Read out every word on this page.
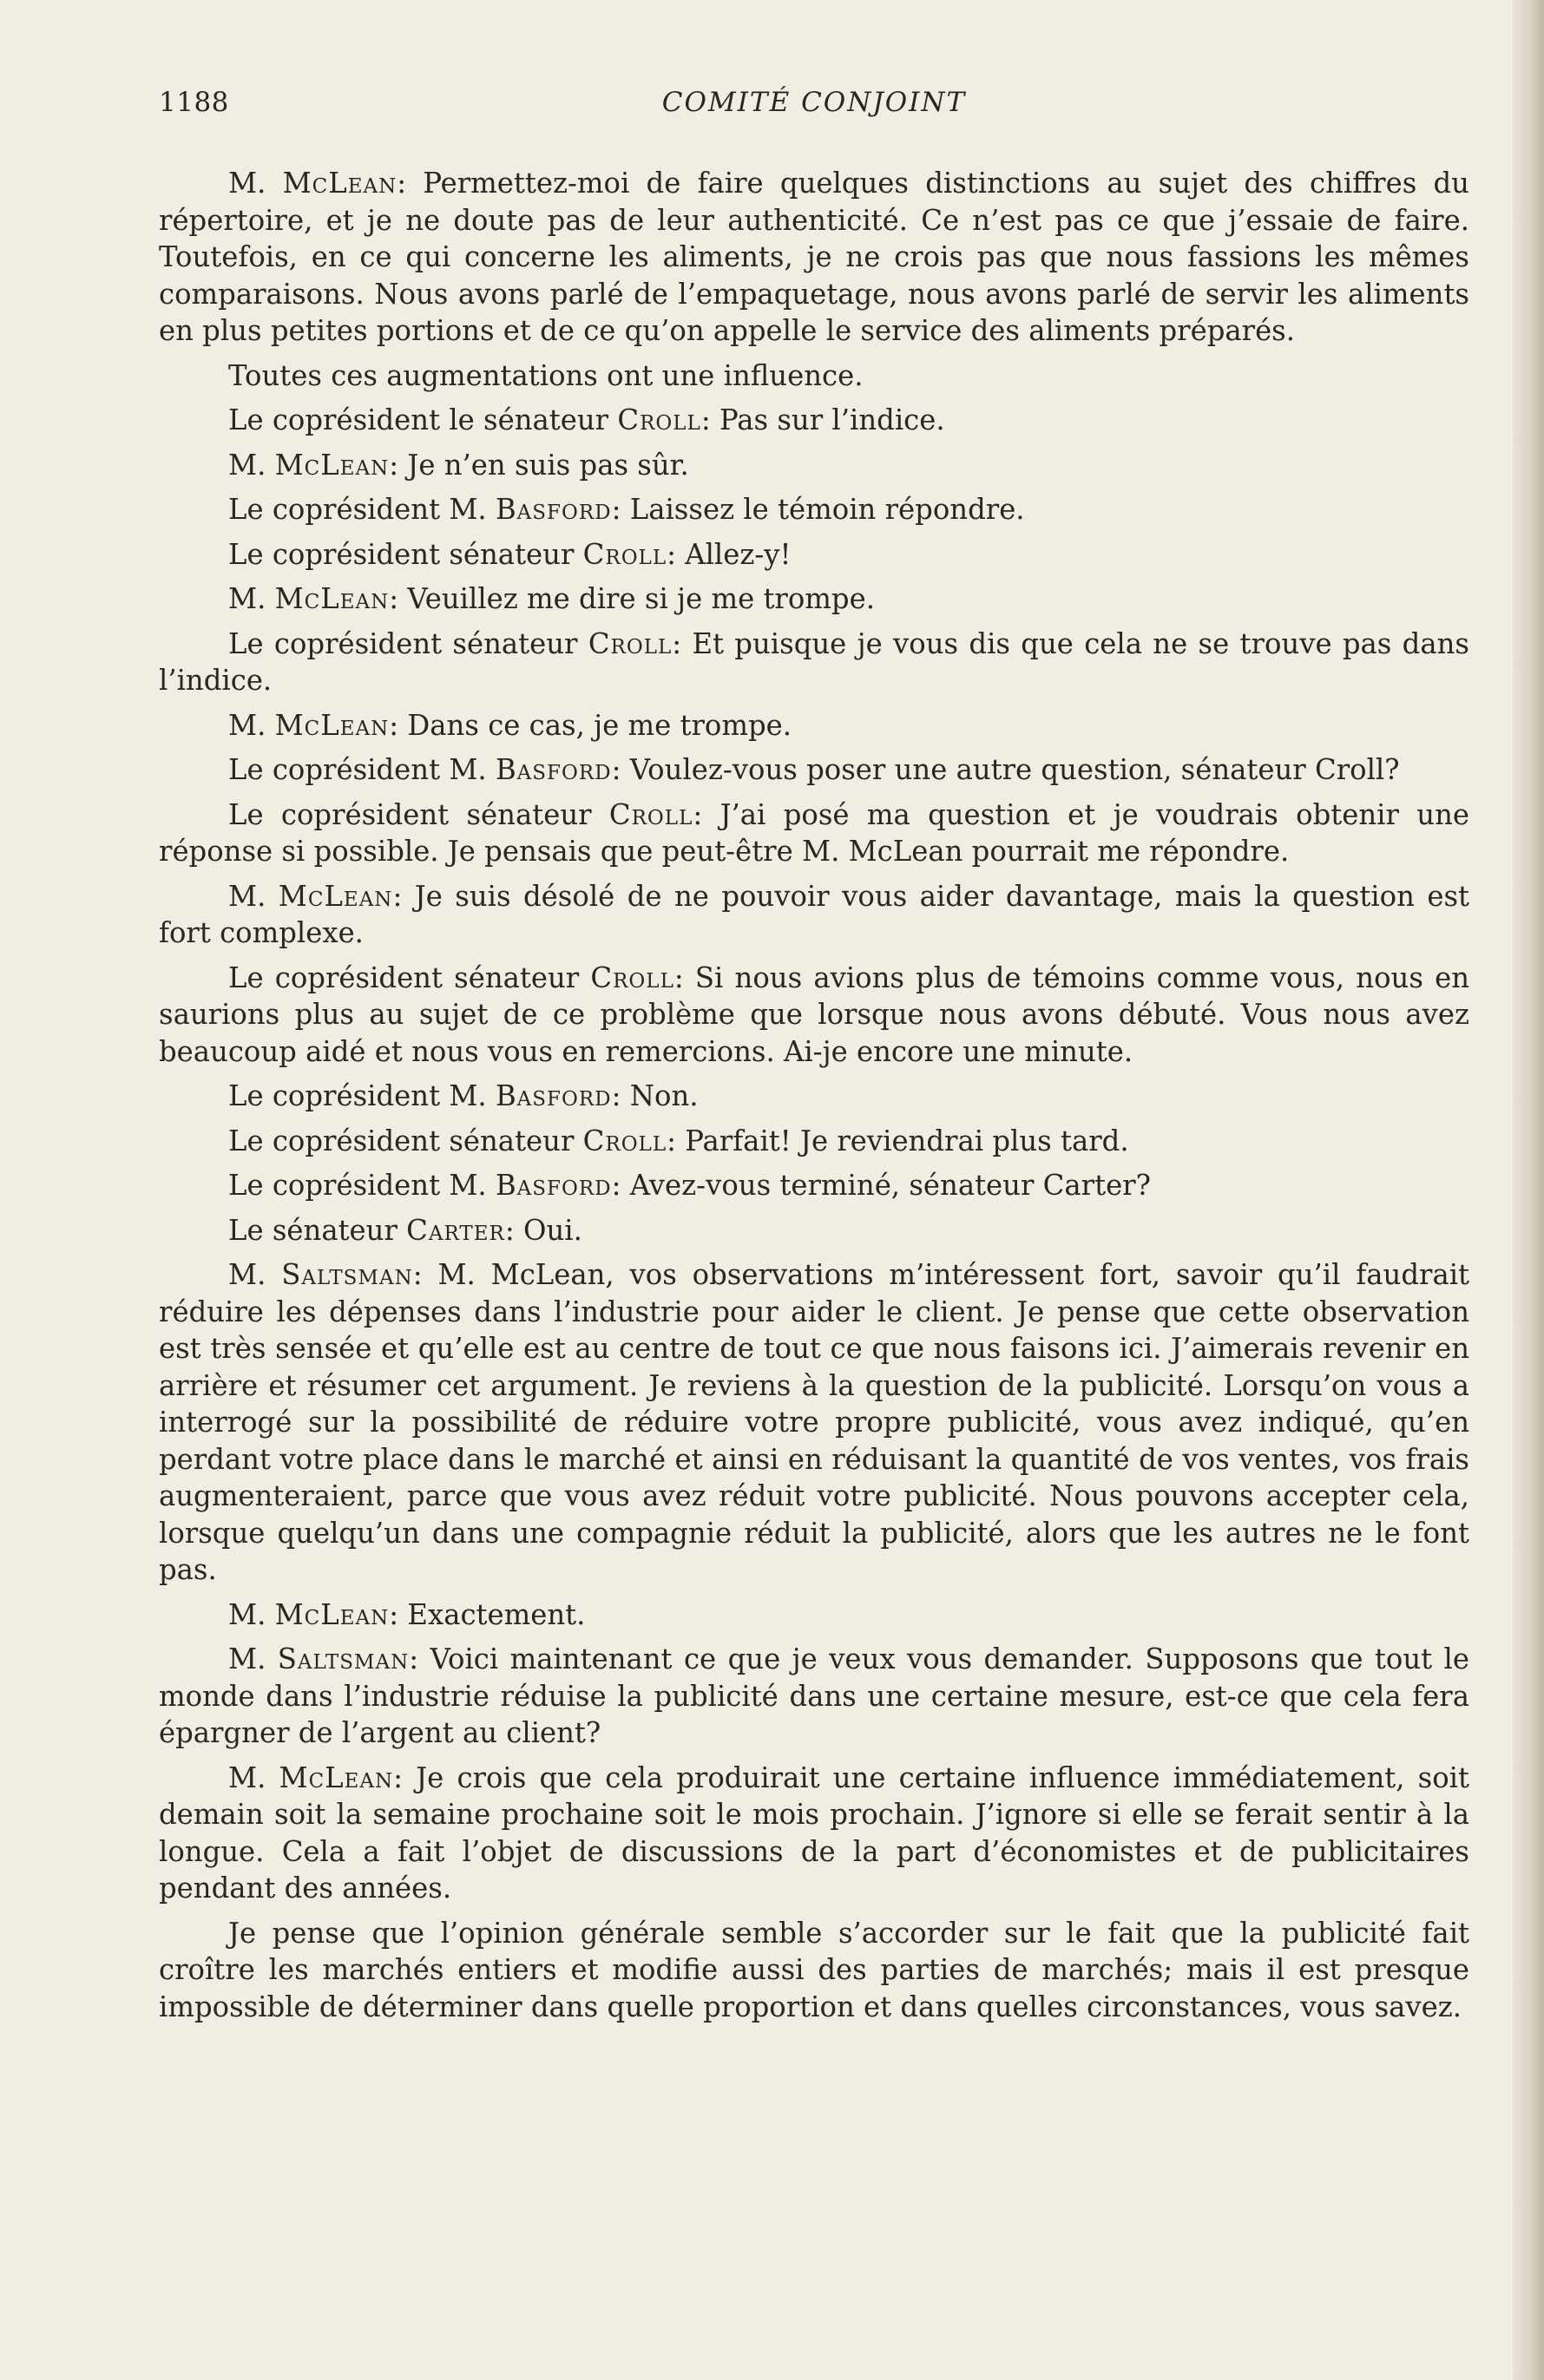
1188	COMITÉ CONJOINT

M. McLean: Permettez-moi de faire quelques distinctions au sujet des chiffres du répertoire, et je ne doute pas de leur authenticité. Ce n’est pas ce que j’essaie de faire. Toutefois, en ce qui concerne les aliments, je ne crois pas que nous fassions les mêmes comparaisons. Nous avons parlé de l’empaquetage, nous avons parlé de servir les aliments en plus petites portions et de ce qu’on appelle le service des aliments préparés.

Toutes ces augmentations ont une influence.

Le coprésident le sénateur Croll: Pas sur l’indice.

M. McLean: Je n’en suis pas sûr.

Le coprésident M. Basford: Laissez le témoin répondre.

Le coprésident sénateur Croll: Allez-y!

M. McLean: Veuillez me dire si je me trompe.

Le coprésident sénateur Croll: Et puisque je vous dis que cela ne se trouve pas dans l’indice.

M. McLean: Dans ce cas, je me trompe.

Le coprésident M. Basford: Voulez-vous poser une autre question, sénateur Croll?

Le coprésident sénateur Croll: J’ai posé ma question et je voudrais obtenir une réponse si possible. Je pensais que peut-être M. McLean pourrait me répondre.

M. McLean: Je suis désolé de ne pouvoir vous aider davantage, mais la question est fort complexe.

Le coprésident sénateur Croll: Si nous avions plus de témoins comme vous, nous en saurions plus au sujet de ce problème que lorsque nous avons débuté. Vous nous avez beaucoup aidé et nous vous en remercions. Ai-je encore une minute.

Le coprésident M. Basford: Non.

Le coprésident sénateur Croll: Parfait! Je reviendrai plus tard.

Le coprésident M. Basford: Avez-vous terminé, sénateur Carter?

Le sénateur Carter: Oui.

M. Saltsman: M. McLean, vos observations m’intéressent fort, savoir qu’il faudrait réduire les dépenses dans l’industrie pour aider le client. Je pense que cette observation est très sensée et qu’elle est au centre de tout ce que nous faisons ici. J’aimerais revenir en arrière et résumer cet argument. Je reviens à la question de la publicité. Lorsqu’on vous a interrogé sur la possibilité de réduire votre propre publicité, vous avez indiqué, qu’en perdant votre place dans le marché et ainsi en réduisant la quantité de vos ventes, vos frais augmenteraient, parce que vous avez réduit votre publicité. Nous pouvons accepter cela, lorsque quelqu’un dans une compagnie réduit la publicité, alors que les autres ne le font pas.

M. McLean: Exactement.

M. Saltsman: Voici maintenant ce que je veux vous demander. Supposons que tout le monde dans l’industrie réduise la publicité dans une certaine mesure, est-ce que cela fera épargner de l’argent au client?

M. McLean: Je crois que cela produirait une certaine influence immédiatement, soit demain soit la semaine prochaine soit le mois prochain. J’ignore si elle se ferait sentir à la longue. Cela a fait l’objet de discussions de la part d’économistes et de publicitaires pendant des années.

Je pense que l’opinion générale semble s’accorder sur le fait que la publicité fait croître les marchés entiers et modifie aussi des parties de marchés; mais il est presque impossible de déterminer dans quelle proportion et dans quelles circonstances, vous savez.
